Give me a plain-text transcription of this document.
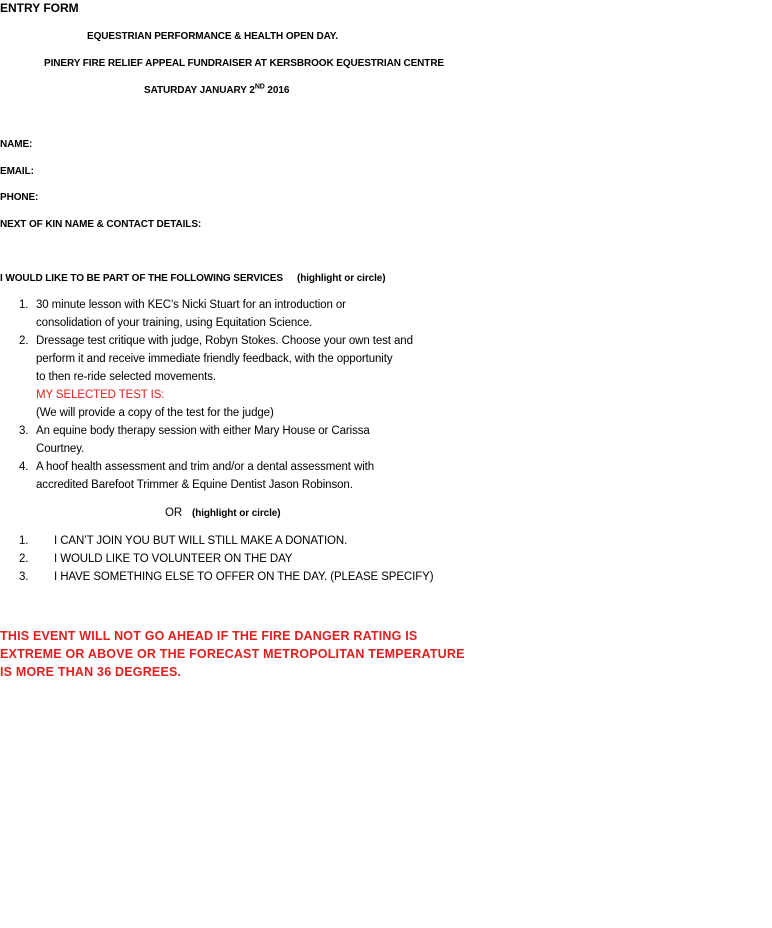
ENTRY FORM
EQUESTRIAN PERFORMANCE & HEALTH OPEN DAY.
PINERY FIRE RELIEF APPEAL FUNDRAISER AT KERSBROOK EQUESTRIAN CENTRE
SATURDAY JANUARY 2ND 2016
NAME:
EMAIL:
PHONE:
NEXT OF KIN NAME & CONTACT DETAILS:
I WOULD LIKE TO BE PART OF THE FOLLOWING SERVICES (highlight or circle)
1. 30 minute lesson with KEC’s Nicki Stuart for an introduction or
consolidation of your training, using Equitation Science.
2. Dressage test critique with judge, Robyn Stokes. Choose your own test and
perform it and receive immediate friendly feedback, with the opportunity
to then re-ride selected movements.
MY SELECTED TEST IS:
(We will provide a copy of the test for the judge)
3. An equine body therapy session with either Mary House or Carissa
Courtney.
4. A hoof health assessment and trim and/or a dental assessment with
accredited Barefoot Trimmer & Equine Dentist Jason Robinson.
OR (highlight or circle)
1. I CAN’T JOIN YOU BUT WILL STILL MAKE A DONATION.
2. I WOULD LIKE TO VOLUNTEER ON THE DAY
3. I HAVE SOMETHING ELSE TO OFFER ON THE DAY. (PLEASE SPECIFY)
THIS EVENT WILL NOT GO AHEAD IF THE FIRE DANGER RATING IS EXTREME OR ABOVE OR THE FORECAST METROPOLITAN TEMPERATURE IS MORE THAN 36 DEGREES.
